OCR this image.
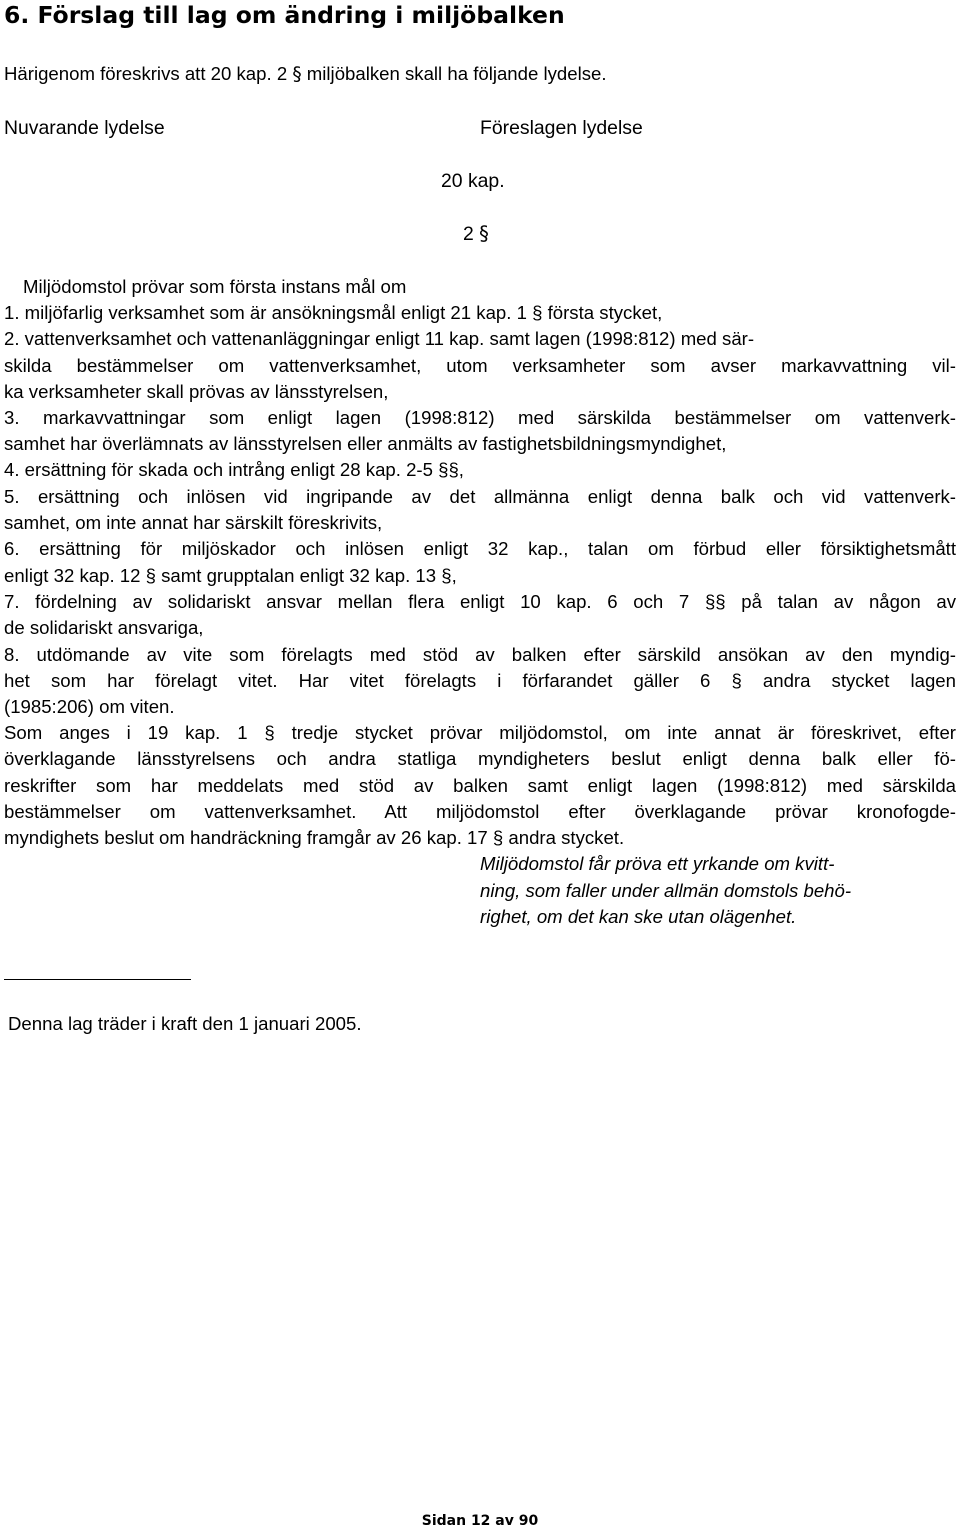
6. Förslag till lag om ändring i miljöbalken

Härigenom föreskrivs att 20 kap. 2 § miljöbalken skall ha följande lydelse.

Nuvarande lydelse	Föreslagen lydelse

20 kap.

2 §

Miljödomstol prövar som första instans mål om

1. miljöfarlig verksamhet som är ansökningsmål enligt 21 kap. 1 § första stycket,

2. vattenverksamhet och vattenanläggningar enligt 11 kap. samt lagen (1998:812) med sär-

skilda bestämmelser om vattenverksamhet, utom verksamheter som avser markavvattning vil-

ka verksamheter skall prövas av länsstyrelsen,

3. markavvattningar som enligt lagen (1998:812) med särskilda bestämmelser om vattenverk-

samhet har överlämnats av länsstyrelsen eller anmälts av fastighetsbildningsmyndighet,

4. ersättning för skada och intrång enligt 28 kap. 2-5 §§,

5. ersättning och inlösen vid ingripande av det allmänna enligt denna balk och vid vattenverk-

samhet, om inte annat har särskilt föreskrivits,

6. ersättning för miljöskador och inlösen enligt 32 kap., talan om förbud eller försiktighetsmått

enligt 32 kap. 12 § samt grupptalan enligt 32 kap. 13 §,

7. fördelning av solidariskt ansvar mellan flera enligt 10 kap. 6 och 7 §§ på talan av någon av

de solidariskt ansvariga,

8. utdömande av vite som förelagts med stöd av balken efter särskild ansökan av den myndig-

het som har förelagt vitet. Har vitet förelagts i förfarandet gäller 6 § andra stycket lagen

(1985:206) om viten.

Som anges i 19 kap. 1 § tredje stycket prövar miljödomstol, om inte annat är föreskrivet, efter

överklagande länsstyrelsens och andra statliga myndigheters beslut enligt denna balk eller fö-

reskrifter som har meddelats med stöd av balken samt enligt lagen (1998:812) med särskilda

bestämmelser om vattenverksamhet. Att miljödomstol efter överklagande prövar kronofogde-

myndighets beslut om handräckning framgår av 26 kap. 17 § andra stycket.

Miljödomstol får pröva ett yrkande om kvitt-

ning, som faller under allmän domstols behö-

righet, om det kan ske utan olägenhet.

Denna lag träder i kraft den 1 januari 2005.

Sidan 12 av 90
